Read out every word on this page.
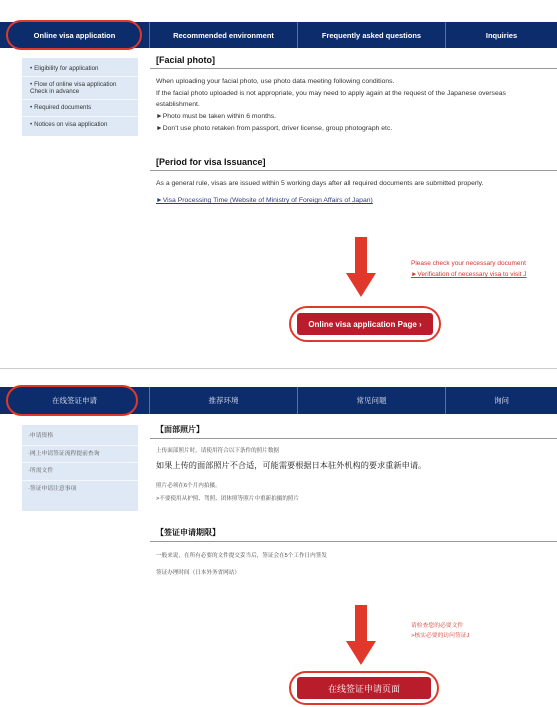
Online visa application	Recommended environment	Frequently asked questions	Inquiries
• Eligibility for application
• Flow of online visa application Check in advance
• Required documents
• Notices on visa application
[Facial photo]
When uploading your facial photo, use photo data meeting following conditions.
If the facial photo uploaded is not appropriate, you may need to apply again at the request of the Japanese overseas establishment.
►Photo must be taken within 6 months.
►Don't use photo retaken from passport, driver license, group photograph etc.
[Period for visa Issuance]
As a general rule, visas are issued within 5 working days after all required documents are submitted properly.
►Visa Processing Time (Website of Ministry of Foreign Affairs of Japan)
Please check your necessary document
►Verification of necessary visa to visit J
Online visa application Page ›
在线签证申请	推荐环境	常见问题	询问
·申请资格
·网上申请签证流程提前查询
·所需文件
·签证申请注意事项
【面部照片】
上传面部照片时，请使用符合以下条件的照片数据
如果上传的面部照片不合适，可能需要根据日本驻外机构的要求重新申请。
照片必须在6个月内拍摄。
>不要使用从护照、驾照、团体照等照片中重新拍摄的照片
【签证申请期限】
一般来说，在所有必要的文件提交妥当后，签证会在5个工作日内签发
签证办理时间（日本外务省网站）
请检查您的必要文件
>核实必要的访问签证J
在线签证申请页面
